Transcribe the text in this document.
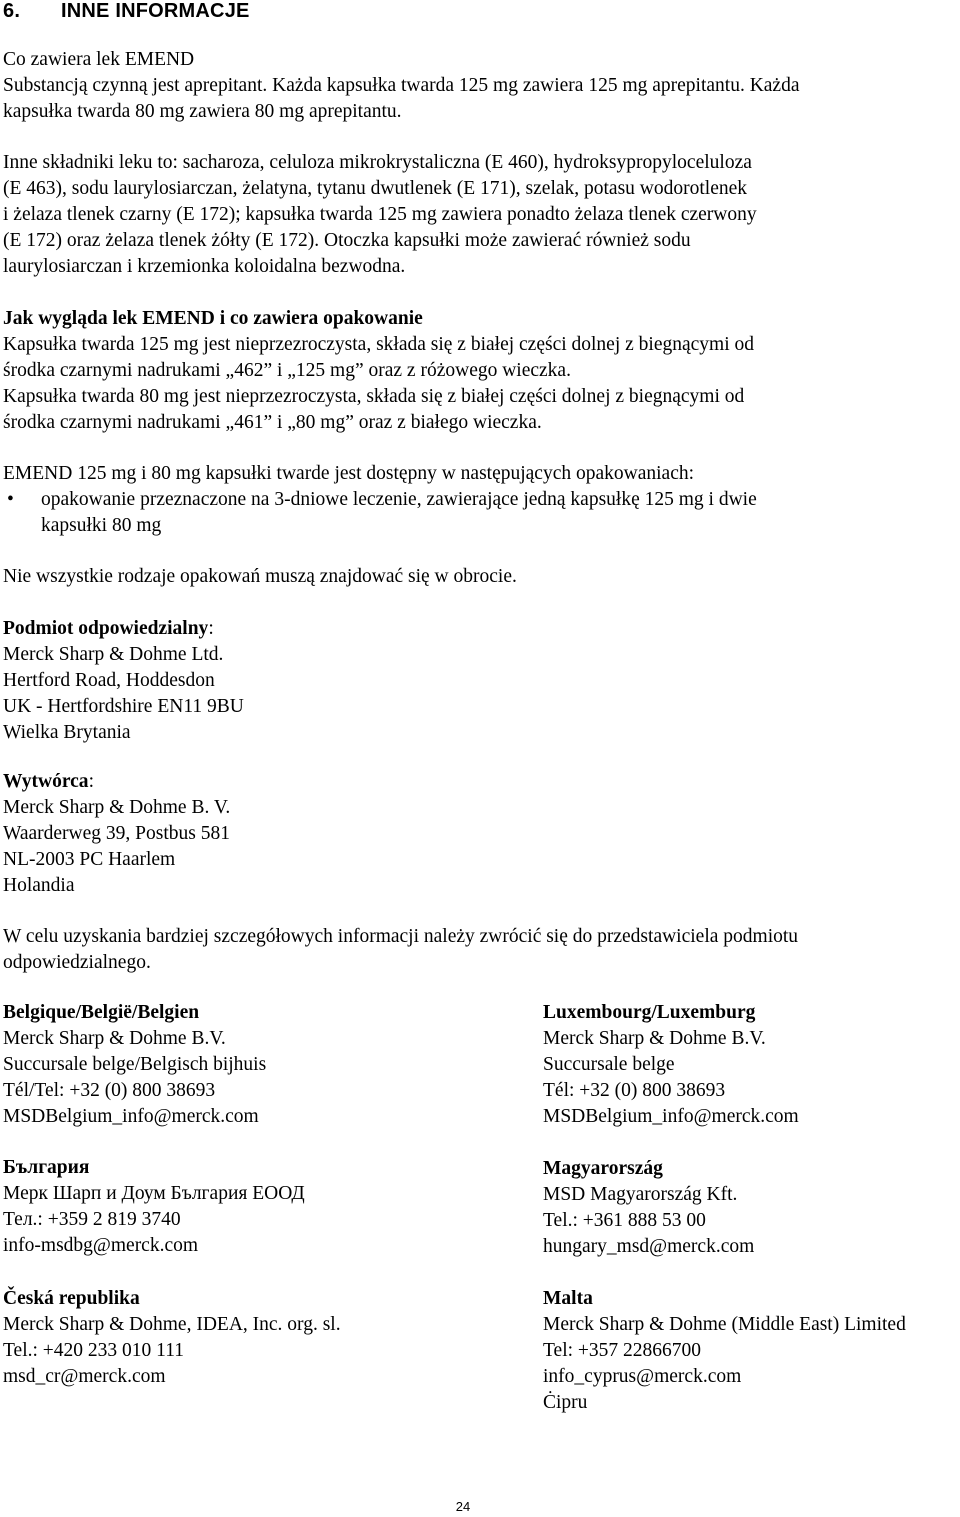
6. INNE INFORMACJE
Co zawiera lek EMEND
Substancją czynną jest aprepitant. Każda kapsułka twarda 125 mg zawiera 125 mg aprepitantu. Każda
kapsułka twarda 80 mg zawiera 80 mg aprepitantu.
Inne składniki leku to: sacharoza, celuloza mikrokrystaliczna (E 460), hydroksypropyloceluloza
(E 463), sodu laurylosiarczan, żelatyna, tytanu dwutlenek (E 171), szelak, potasu wodorotlenek
i żelaza tlenek czarny (E 172); kapsułka twarda 125 mg zawiera ponadto żelaza tlenek czerwony
(E 172) oraz żelaza tlenek żółty (E 172). Otoczka kapsułki może zawierać również sodu
laurylosiarczan i krzemionka koloidalna bezwodna.
Jak wygląda lek EMEND i co zawiera opakowanie
Kapsułka twarda 125 mg jest nieprzezroczysta, składa się z białej części dolnej z biegnącymi od
środka czarnymi nadrukami „462” i „125 mg” oraz z różowego wieczka.
Kapsułka twarda 80 mg jest nieprzezroczysta, składa się z białej części dolnej z biegnącymi od
środka czarnymi nadrukami „461” i „80 mg” oraz z białego wieczka.
EMEND 125 mg i 80 mg kapsułki twarde jest dostępny w następujących opakowaniach:
•	opakowanie przeznaczone na 3-dniowe leczenie, zawierające jedną kapsułkę 125 mg i dwie
kapsułki 80 mg
Nie wszystkie rodzaje opakowań muszą znajdować się w obrocie.
Podmiot odpowiedzialny:
Merck Sharp & Dohme Ltd.
Hertford Road, Hoddesdon
UK - Hertfordshire EN11 9BU
Wielka Brytania
Wytwórca:
Merck Sharp & Dohme B. V.
Waarderweg 39, Postbus 581
NL-2003 PC Haarlem
Holandia
W celu uzyskania bardziej szczegółowych informacji należy zwrócić się do przedstawiciela podmiotu
odpowiedzialnego.
Belgique/België/Belgien
Merck Sharp & Dohme B.V.
Succursale belge/Belgisch bijhuis
Tél/Tel: +32 (0) 800 38693
MSDBelgium_info@merck.com
България
Мерк Шарп и Доум България ЕООД
Тел.: +359 2 819 3740
info-msdbg@merck.com
Česká republika
Merck Sharp & Dohme, IDEA, Inc. org. sl.
Tel.: +420 233 010 111
msd_cr@merck.com
Luxembourg/Luxemburg
Merck Sharp & Dohme B.V.
Succursale belge
Tél: +32 (0) 800 38693
MSDBelgium_info@merck.com
Magyarország
MSD Magyarország Kft.
Tel.: +361 888 53 00
hungary_msd@merck.com
Malta
Merck Sharp & Dohme (Middle East) Limited
Tel: +357 22866700
info_cyprus@merck.com
Ċipru
24
